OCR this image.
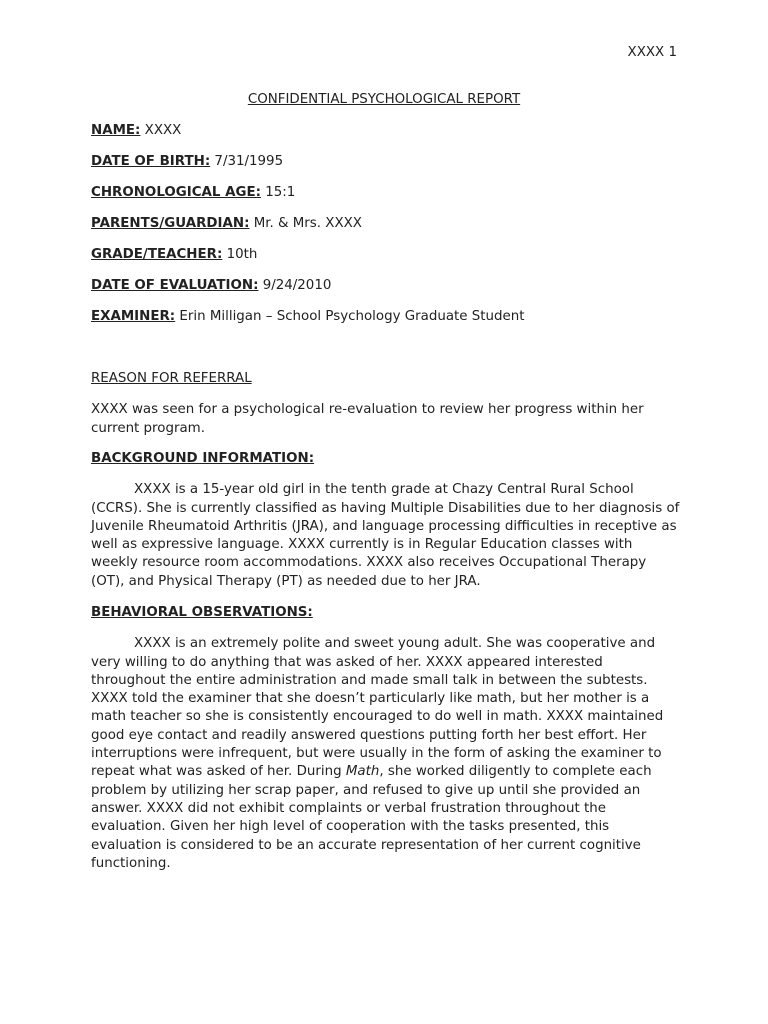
XXXX 1
CONFIDENTIAL PSYCHOLOGICAL REPORT
NAME: XXXX
DATE OF BIRTH: 7/31/1995
CHRONOLOGICAL AGE: 15:1
PARENTS/GUARDIAN: Mr. & Mrs. XXXX
GRADE/TEACHER: 10th
DATE OF EVALUATION: 9/24/2010
EXAMINER: Erin Milligan – School Psychology Graduate Student
REASON FOR REFERRAL

XXXX was seen for a psychological re-evaluation to review her progress within her current program.

BACKGROUND INFORMATION:

XXXX is a 15-year old girl in the tenth grade at Chazy Central Rural School (CCRS). She is currently classified as having Multiple Disabilities due to her diagnosis of Juvenile Rheumatoid Arthritis (JRA), and language processing difficulties in receptive as well as expressive language. XXXX currently is in Regular Education classes with weekly resource room accommodations. XXXX also receives Occupational Therapy (OT), and Physical Therapy (PT) as needed due to her JRA.

BEHAVIORAL OBSERVATIONS:

XXXX is an extremely polite and sweet young adult. She was cooperative and very willing to do anything that was asked of her. XXXX appeared interested throughout the entire administration and made small talk in between the subtests. XXXX told the examiner that she doesn’t particularly like math, but her mother is a math teacher so she is consistently encouraged to do well in math. XXXX maintained good eye contact and readily answered questions putting forth her best effort. Her interruptions were infrequent, but were usually in the form of asking the examiner to repeat what was asked of her. During Math, she worked diligently to complete each problem by utilizing her scrap paper, and refused to give up until she provided an answer. XXXX did not exhibit complaints or verbal frustration throughout the evaluation. Given her high level of cooperation with the tasks presented, this evaluation is considered to be an accurate representation of her current cognitive functioning.
